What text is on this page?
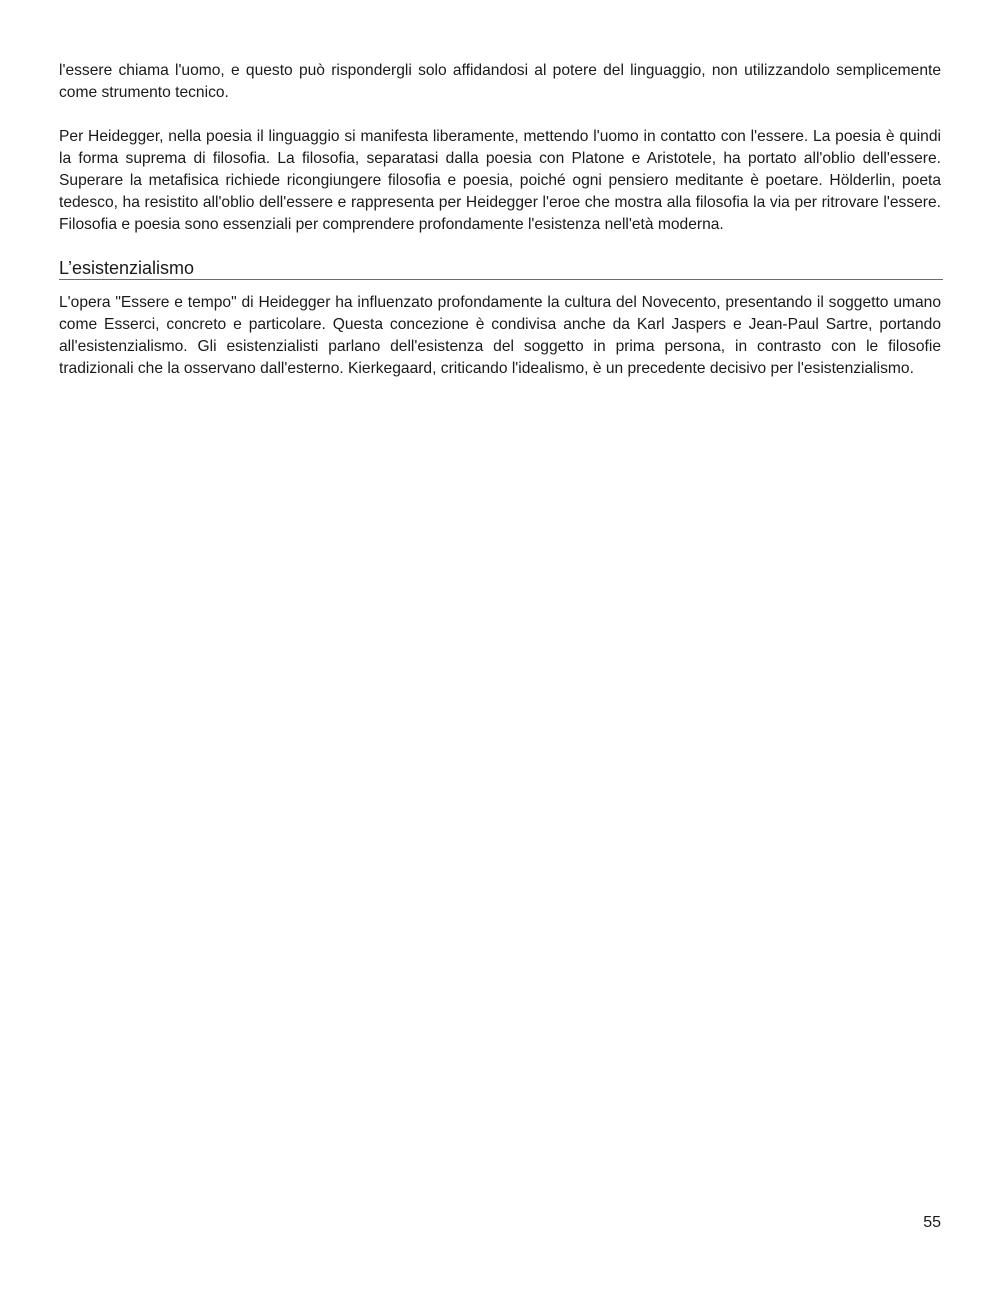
l'essere chiama l'uomo, e questo può rispondergli solo affidandosi al potere del linguaggio, non utilizzandolo semplicemente come strumento tecnico.

Per Heidegger, nella poesia il linguaggio si manifesta liberamente, mettendo l'uomo in contatto con l'essere. La poesia è quindi la forma suprema di filosofia. La filosofia, separatasi dalla poesia con Platone e Aristotele, ha portato all'oblio dell'essere. Superare la metafisica richiede ricongiungere filosofia e poesia, poiché ogni pensiero meditante è poetare. Hölderlin, poeta tedesco, ha resistito all'oblio dell'essere e rappresenta per Heidegger l'eroe che mostra alla filosofia la via per ritrovare l'essere. Filosofia e poesia sono essenziali per comprendere profondamente l'esistenza nell'età moderna.

L’esistenzialismo

L'opera "Essere e tempo" di Heidegger ha influenzato profondamente la cultura del Novecento, presentando il soggetto umano come Esserci, concreto e particolare. Questa concezione è condivisa anche da Karl Jaspers e Jean-Paul Sartre, portando all'esistenzialismo. Gli esistenzialisti parlano dell'esistenza del soggetto in prima persona, in contrasto con le filosofie tradizionali che la osservano dall'esterno. Kierkegaard, criticando l'idealismo, è un precedente decisivo per l'esistenzialismo.

55
